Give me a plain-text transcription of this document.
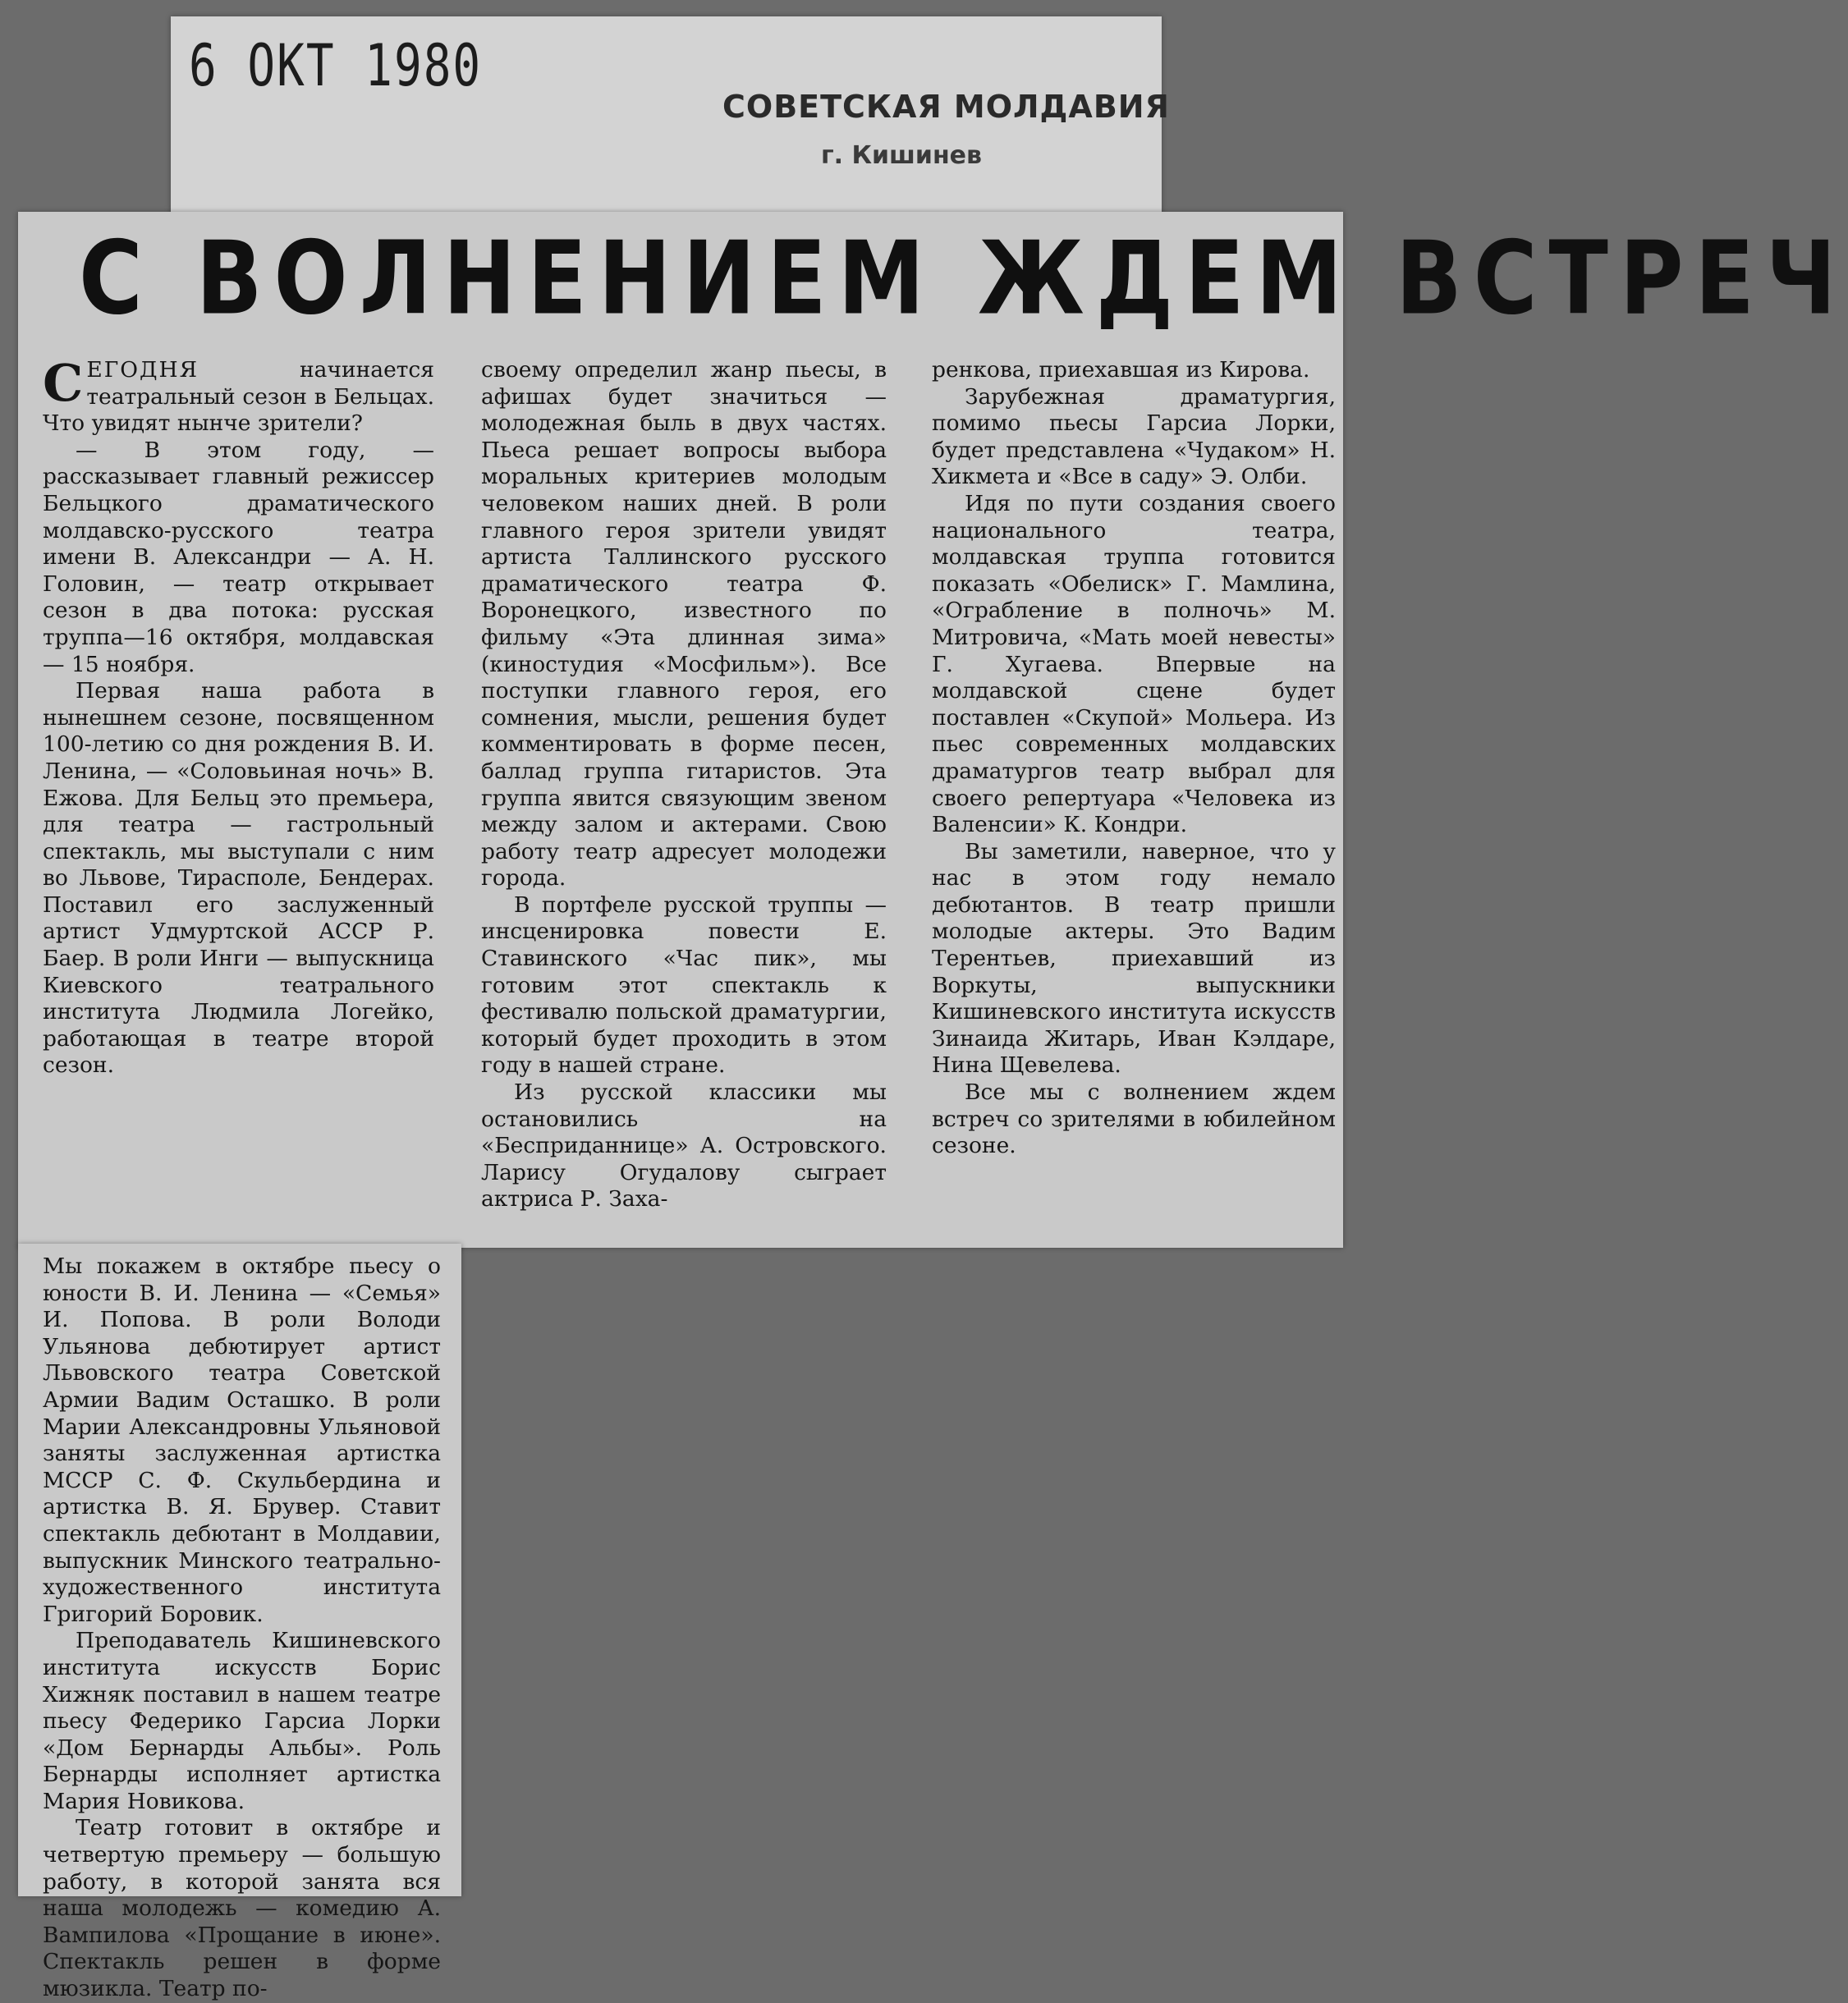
6 ОКТ 1980
СОВЕТСКАЯ МОЛДАВИЯ
г. Кишинев
С ВОЛНЕНИЕМ ЖДЕМ ВСТРЕЧ

СЕГОДНЯ начинается театральный сезон в Бельцах. Что увидят нынче зрители?

— В этом году, — рассказывает главный режиссер Бельцкого драматического молдавско-русского театра имени В. Александри — А. Н. Головин, — театр открывает сезон в два потока: русская труппа—16 октября, молдавская — 15 ноября.

Первая наша работа в нынешнем сезоне, посвященном 100-летию со дня рождения В. И. Ленина, — «Соловьиная ночь» В. Ежова. Для Бельц это премьера, для театра — гастрольный спектакль, мы выступали с ним во Львове, Тирасполе, Бендерах. Поставил его заслуженный артист Удмуртской АССР Р. Баер. В роли Инги — выпускница Киевского театрального института Людмила Логейко, работающая в театре второй сезон.

Мы покажем в октябре пьесу о юности В. И. Ленина — «Семья» И. Попова. В роли Володи Ульянова дебютирует артист Львовского театра Советской Армии Вадим Осташко. В роли Марии Александровны Ульяновой заняты заслуженная артистка МССР С. Ф. Скульбердина и артистка В. Я. Брувер. Ставит спектакль дебютант в Молдавии, выпускник Минского театрально-художественного института Григорий Боровик.

Преподаватель Кишиневского института искусств Борис Хижняк поставил в нашем театре пьесу Федерико Гарсиа Лорки «Дом Бернарды Альбы». Роль Бернарды исполняет артистка Мария Новикова.

Театр готовит в октябре и четвертую премьеру — большую работу, в которой занята вся наша молодежь — комедию А. Вампилова «Прощание в июне». Спектакль решен в форме мюзикла. Театр по-

своему определил жанр пьесы, в афишах будет значиться — молодежная быль в двух частях. Пьеса решает вопросы выбора моральных критериев молодым человеком наших дней. В роли главного героя зрители увидят артиста Таллинского русского драматического театра Ф. Воронецкого, известного по фильму «Эта длинная зима» (киностудия «Мосфильм»). Все поступки главного героя, его сомнения, мысли, решения будет комментировать в форме песен, баллад группа гитаристов. Эта группа явится связующим звеном между залом и актерами. Свою работу театр адресует молодежи города.

В портфеле русской труппы — инсценировка повести Е. Ставинского «Час пик», мы готовим этот спектакль к фестивалю польской драматургии, который будет проходить в этом году в нашей стране.

Из русской классики мы остановились на «Бесприданнице» А. Островского. Ларису Огудалову сыграет актриса Р. Заха-

ренкова, приехавшая из Кирова.

Зарубежная драматургия, помимо пьесы Гарсиа Лорки, будет представлена «Чудаком» Н. Хикмета и «Все в саду» Э. Олби.

Идя по пути создания своего национального театра, молдавская труппа готовится показать «Обелиск» Г. Мамлина, «Ограбление в полночь» М. Митровича, «Мать моей невесты» Г. Хугаева. Впервые на молдавской сцене будет поставлен «Скупой» Мольера. Из пьес современных молдавских драматургов театр выбрал для своего репертуара «Человека из Валенсии» К. Кондри.

Вы заметили, наверное, что у нас в этом году немало дебютантов. В театр пришли молодые актеры. Это Вадим Терентьев, приехавший из Воркуты, выпускники Кишиневского института искусств Зинаида Житарь, Иван Кэлдаре, Нина Щевелева.

Все мы с волнением ждем встреч со зрителями в юбилейном сезоне.
